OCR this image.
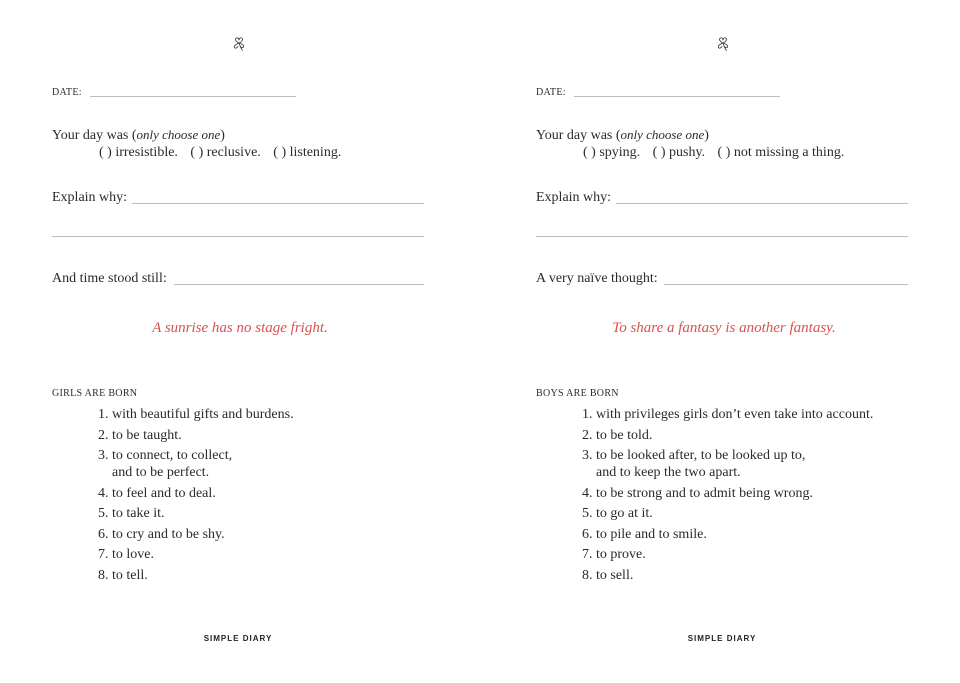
DATE:
Your day was (only choose one)
( ) irresistible. ( ) reclusive. ( ) listening.
Explain why:
And time stood still:
A sunrise has no stage fright.
GIRLS ARE BORN
1. with beautiful gifts and burdens.
2. to be taught.
3. to connect, to collect,
and to be perfect.
4. to feel and to deal.
5. to take it.
6. to cry and to be shy.
7. to love.
8. to tell.
SIMPLE DIARY
DATE:
Your day was (only choose one)
( ) spying. ( ) pushy. ( ) not missing a thing.
Explain why:
A very naïve thought:
To share a fantasy is another fantasy.
BOYS ARE BORN
1. with privileges girls don’t even take into account.
2. to be told.
3. to be looked after, to be looked up to,
and to keep the two apart.
4. to be strong and to admit being wrong.
5. to go at it.
6. to pile and to smile.
7. to prove.
8. to sell.
SIMPLE DIARY
